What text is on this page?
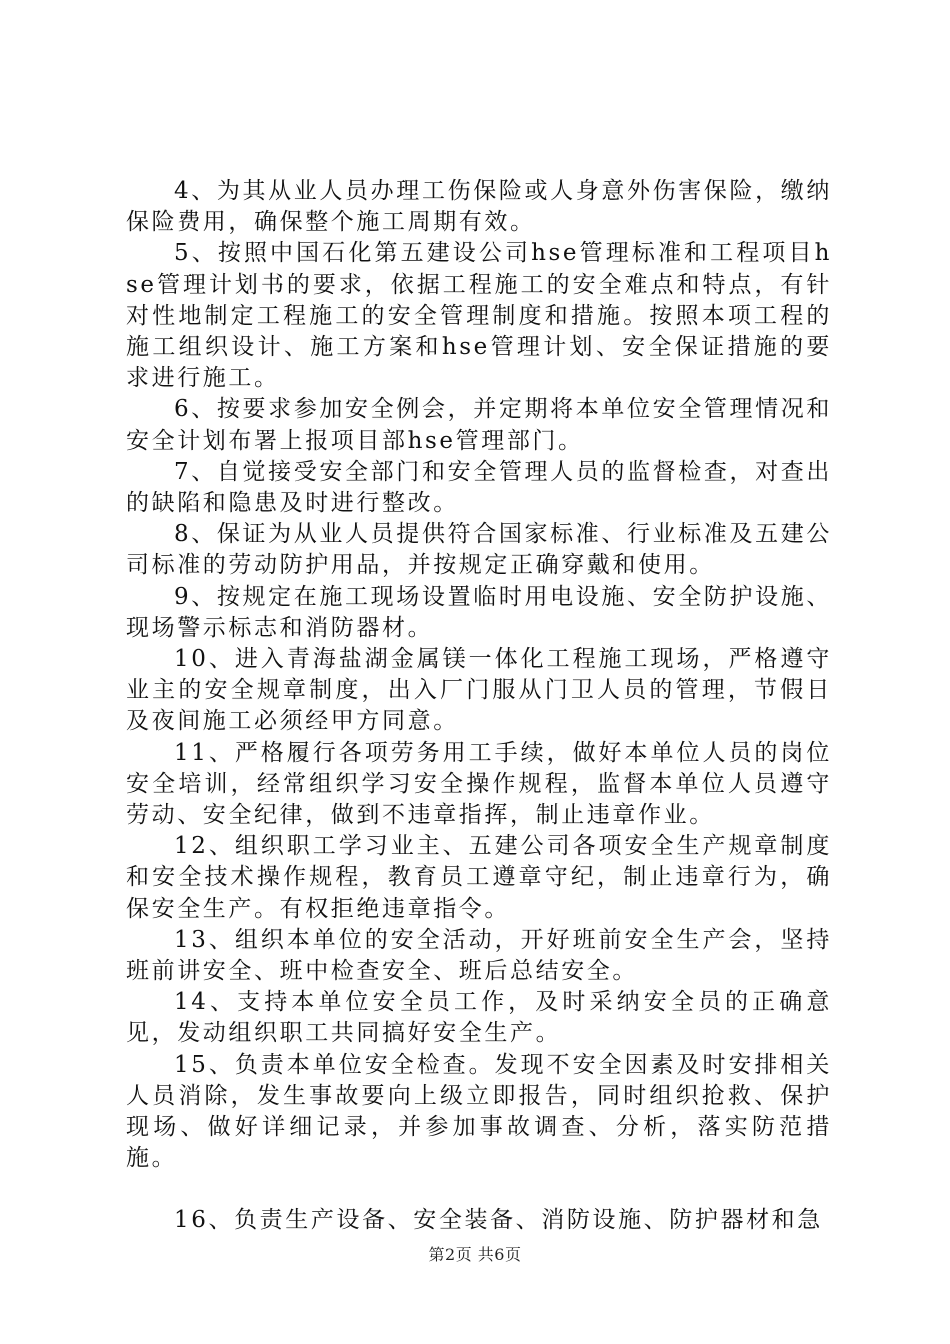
4、为其从业人员办理工伤保险或人身意外伤害保险，缴纳保险费用，确保整个施工周期有效。

5、按照中国石化第五建设公司hse管理标准和工程项目hse管理计划书的要求，依据工程施工的安全难点和特点，有针对性地制定工程施工的安全管理制度和措施。按照本项工程的施工组织设计、施工方案和hse管理计划、安全保证措施的要求进行施工。

6、按要求参加安全例会，并定期将本单位安全管理情况和安全计划布署上报项目部hse管理部门。

7、自觉接受安全部门和安全管理人员的监督检查，对查出的缺陷和隐患及时进行整改。

8、保证为从业人员提供符合国家标准、行业标准及五建公司标准的劳动防护用品，并按规定正确穿戴和使用。

9、按规定在施工现场设置临时用电设施、安全防护设施、现场警示标志和消防器材。

10、进入青海盐湖金属镁一体化工程施工现场，严格遵守业主的安全规章制度，出入厂门服从门卫人员的管理，节假日及夜间施工必须经甲方同意。

11、严格履行各项劳务用工手续，做好本单位人员的岗位安全培训，经常组织学习安全操作规程，监督本单位人员遵守劳动、安全纪律，做到不违章指挥，制止违章作业。

12、组织职工学习业主、五建公司各项安全生产规章制度和安全技术操作规程，教育员工遵章守纪，制止违章行为，确保安全生产。有权拒绝违章指令。

13、组织本单位的安全活动，开好班前安全生产会，坚持班前讲安全、班中检查安全、班后总结安全。

14、支持本单位安全员工作，及时采纳安全员的正确意见，发动组织职工共同搞好安全生产。

15、负责本单位安全检查。发现不安全因素及时安排相关人员消除，发生事故要向上级立即报告，同时组织抢救、保护现场、做好详细记录，并参加事故调查、分析，落实防范措施。

16、负责生产设备、安全装备、消防设施、防护器材和急

第2页 共6页
